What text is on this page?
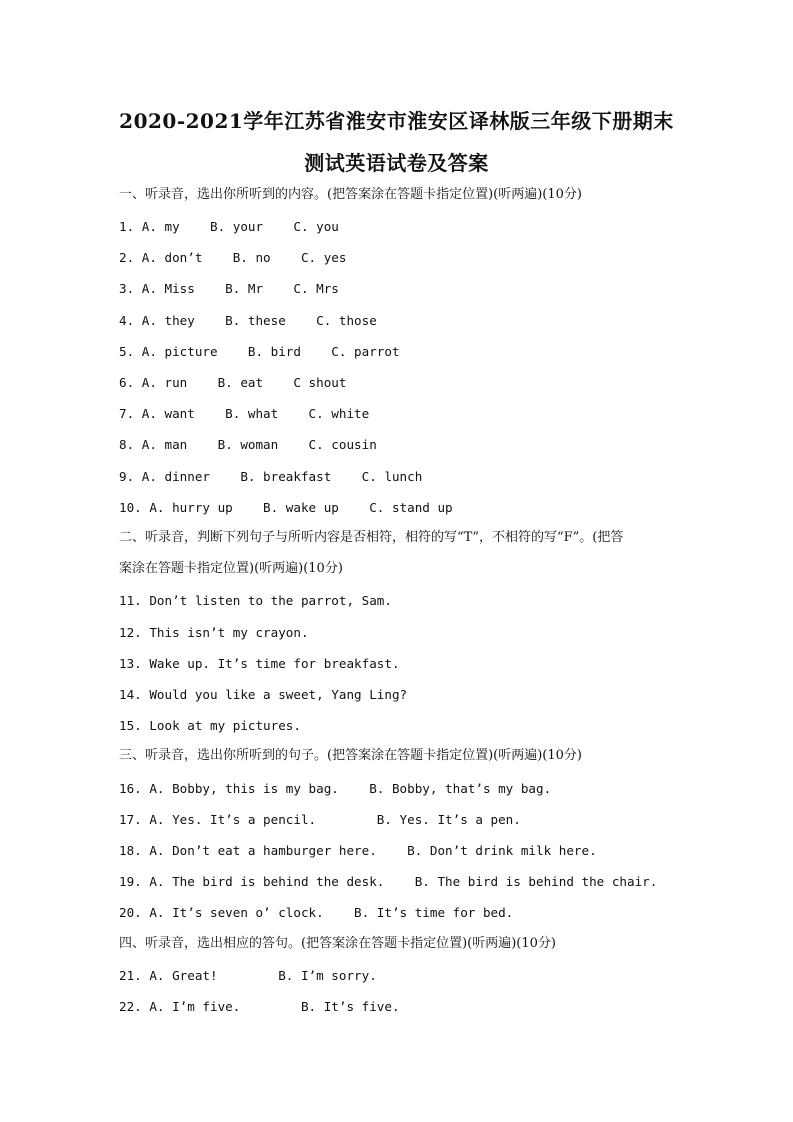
2020-2021学年江苏省淮安市淮安区译林版三年级下册期末
测试英语试卷及答案
一、听录音，选出你所听到的内容。(把答案涂在答题卡指定位置)(听两遍)(10分)
1. A. my    B. your    C. you
2. A. don’t    B. no    C. yes
3. A. Miss    B. Mr    C. Mrs
4. A. they    B. these    C. those
5. A. picture    B. bird    C. parrot
6. A. run    B. eat    C shout
7. A. want    B. what    C. white
8. A. man    B. woman    C. cousin
9. A. dinner    B. breakfast    C. lunch
10. A. hurry up    B. wake up    C. stand up
二、听录音，判断下列句子与所听内容是否相符，相符的写“T”，不相符的写“F”。(把答
案涂在答题卡指定位置)(听两遍)(10分)
11. Don’t listen to the parrot, Sam.
12. This isn’t my crayon.
13. Wake up. It’s time for breakfast.
14. Would you like a sweet, Yang Ling?
15. Look at my pictures.
三、听录音，选出你所听到的句子。(把答案涂在答题卡指定位置)(听两遍)(10分)
16. A. Bobby, this is my bag.    B. Bobby, that’s my bag.
17. A. Yes. It’s a pencil.        B. Yes. It’s a pen.
18. A. Don’t eat a hamburger here.    B. Don’t drink milk here.
19. A. The bird is behind the desk.    B. The bird is behind the chair.
20. A. It’s seven o’ clock.    B. It’s time for bed.
四、听录音，选出相应的答句。(把答案涂在答题卡指定位置)(听两遍)(10分)
21. A. Great!        B. I’m sorry.
22. A. I’m five.        B. It’s five.
